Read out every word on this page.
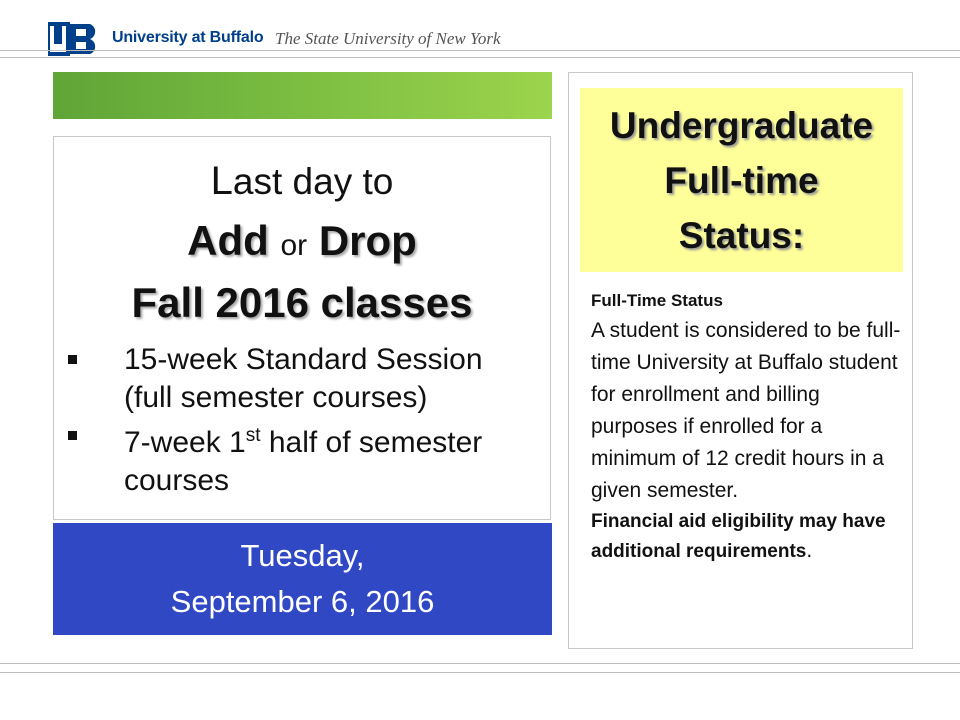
University at Buffalo The State University of New York
Last day to
Add or Drop
Fall 2016 classes
15-week Standard Session (full semester courses)
7-week 1st half of semester courses
Tuesday,
September 6, 2016
Undergraduate
Full-time
Status:
Full-Time Status
A student is considered to be full-time University at Buffalo student for enrollment and billing purposes if enrolled for a minimum of 12 credit hours in a given semester.
Financial aid eligibility may have additional requirements.
